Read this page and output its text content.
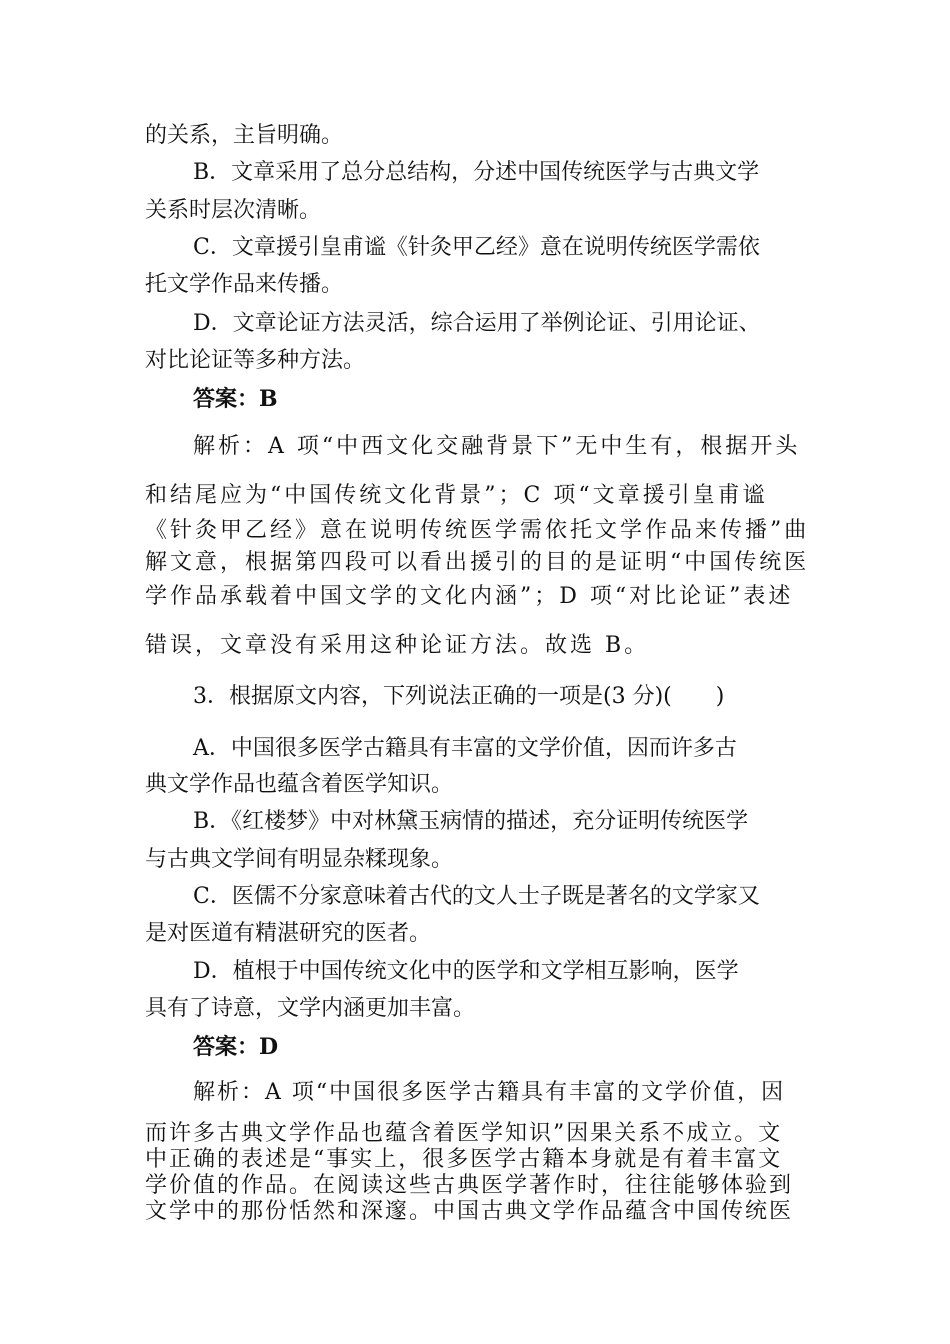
的关系，主旨明确。
B．文章采用了总分总结构，分述中国传统医学与古典文学
关系时层次清晰。
C．文章援引皇甫谧《针灸甲乙经》意在说明传统医学需依
托文学作品来传播。
D．文章论证方法灵活，综合运用了举例论证、引用论证、
对比论证等多种方法。
答案：B
解析：A 项“中西文化交融背景下”无中生有，根据开头
和结尾应为“中国传统文化背景”；C 项“文章援引皇甫谧
《针灸甲乙经》意在说明传统医学需依托文学作品来传播”曲
解文意，根据第四段可以看出援引的目的是证明“中国传统医
学作品承载着中国文学的文化内涵”；D 项“对比论证”表述
错误，文章没有采用这种论证方法。故选 B。
3．根据原文内容，下列说法正确的一项是(3 分)(　　)
A．中国很多医学古籍具有丰富的文学价值，因而许多古
典文学作品也蕴含着医学知识。
B．《红楼梦》中对林黛玉病情的描述，充分证明传统医学
与古典文学间有明显杂糅现象。
C．医儒不分家意味着古代的文人士子既是著名的文学家又
是对医道有精湛研究的医者。
D．植根于中国传统文化中的医学和文学相互影响，医学
具有了诗意，文学内涵更加丰富。
答案：D
解析：A 项“中国很多医学古籍具有丰富的文学价值，因
而许多古典文学作品也蕴含着医学知识”因果关系不成立。文
中正确的表述是“事实上，很多医学古籍本身就是有着丰富文
学价值的作品。在阅读这些古典医学著作时，往往能够体验到
文学中的那份恬然和深邃。中国古典文学作品蕴含中国传统医
